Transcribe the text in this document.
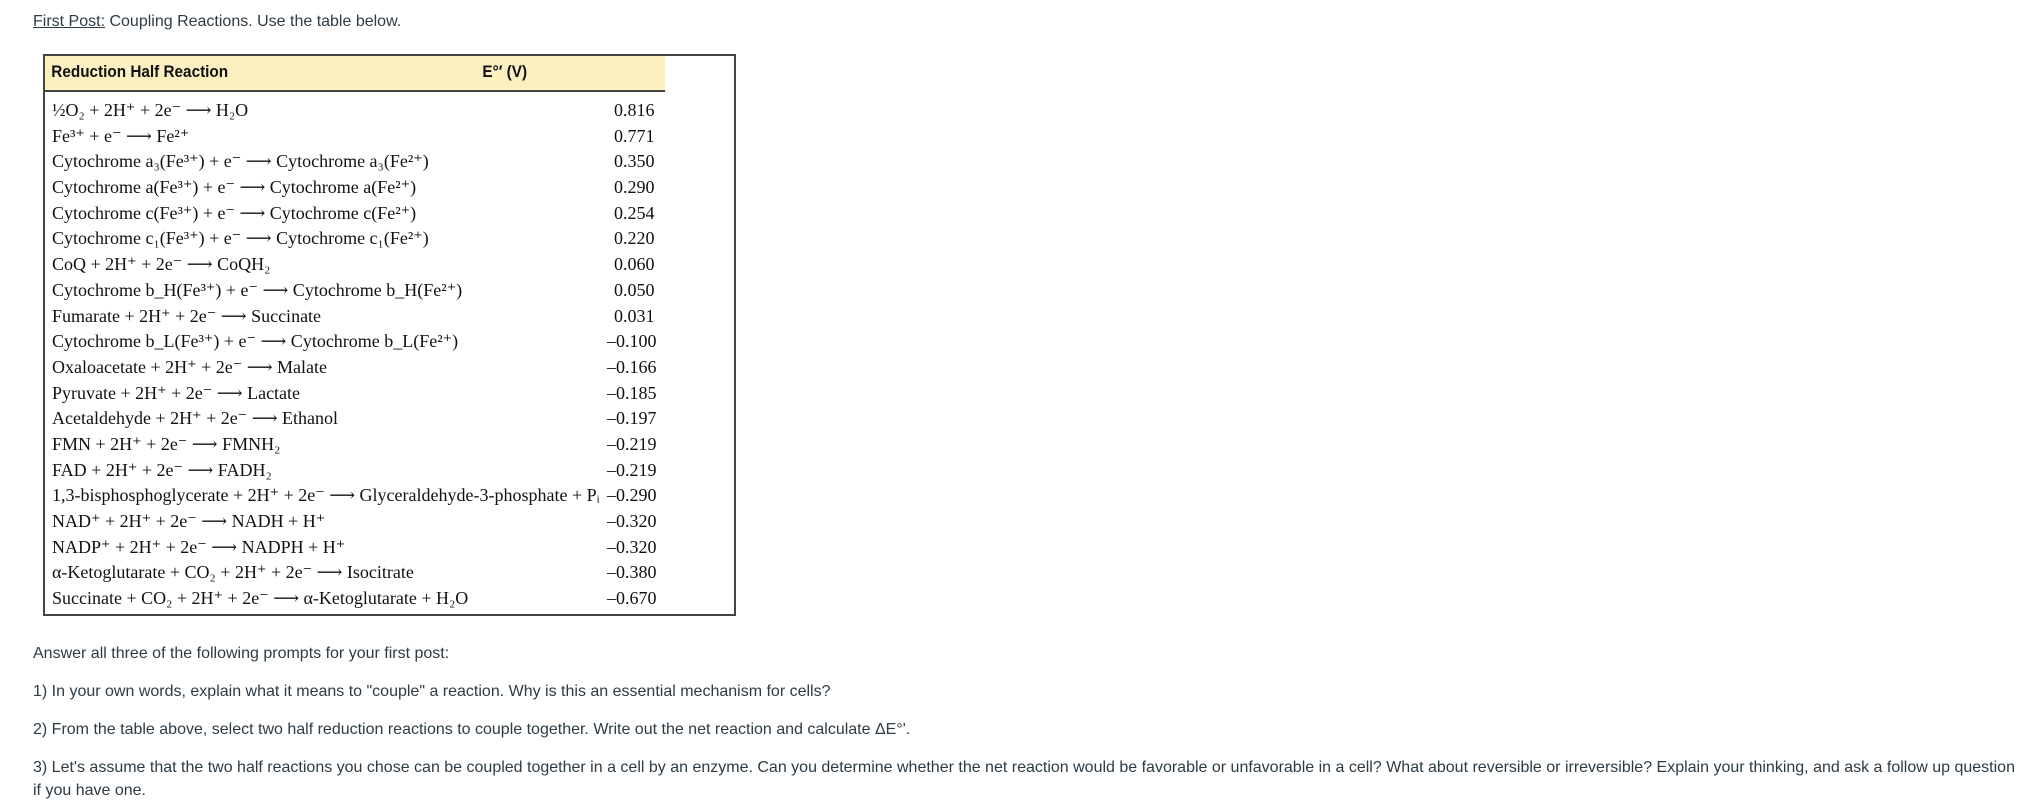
First Post: Coupling Reactions. Use the table below.
Reduction Half Reaction	E°′ (V)
½O₂ + 2H⁺ + 2e⁻ ⟶ H₂O	0.816
Fe³⁺ + e⁻ ⟶ Fe²⁺	0.771
Cytochrome a₃(Fe³⁺) + e⁻ ⟶ Cytochrome a₃(Fe²⁺)	0.350
Cytochrome a(Fe³⁺) + e⁻ ⟶ Cytochrome a(Fe²⁺)	0.290
Cytochrome c(Fe³⁺) + e⁻ ⟶ Cytochrome c(Fe²⁺)	0.254
Cytochrome c₁(Fe³⁺) + e⁻ ⟶ Cytochrome c₁(Fe²⁺)	0.220
CoQ + 2H⁺ + 2e⁻ ⟶ CoQH₂	0.060
Cytochrome b_H(Fe³⁺) + e⁻ ⟶ Cytochrome b_H(Fe²⁺)	0.050
Fumarate + 2H⁺ + 2e⁻ ⟶ Succinate	0.031
Cytochrome b_L(Fe³⁺) + e⁻ ⟶ Cytochrome b_L(Fe²⁺)	–0.100
Oxaloacetate + 2H⁺ + 2e⁻ ⟶ Malate	–0.166
Pyruvate + 2H⁺ + 2e⁻ ⟶ Lactate	–0.185
Acetaldehyde + 2H⁺ + 2e⁻ ⟶ Ethanol	–0.197
FMN + 2H⁺ + 2e⁻ ⟶ FMNH₂	–0.219
FAD + 2H⁺ + 2e⁻ ⟶ FADH₂	–0.219
1,3-bisphosphoglycerate + 2H⁺ + 2e⁻ ⟶ Glyceraldehyde-3-phosphate + Pᵢ –0.290
NAD⁺ + 2H⁺ + 2e⁻ ⟶ NADH + H⁺	–0.320
NADP⁺ + 2H⁺ + 2e⁻ ⟶ NADPH + H⁺	–0.320
α-Ketoglutarate + CO₂ + 2H⁺ + 2e⁻ ⟶ Isocitrate	–0.380
Succinate + CO₂ + 2H⁺ + 2e⁻ ⟶ α-Ketoglutarate + H₂O	–0.670
Answer all three of the following prompts for your first post:
1) In your own words, explain what it means to "couple" a reaction. Why is this an essential mechanism for cells?
2) From the table above, select two half reduction reactions to couple together. Write out the net reaction and calculate ΔE°'.
3) Let's assume that the two half reactions you chose can be coupled together in a cell by an enzyme. Can you determine whether the net reaction would be favorable or unfavorable in a cell? What about reversible or irreversible? Explain your thinking, and ask a follow up question if you have one.
